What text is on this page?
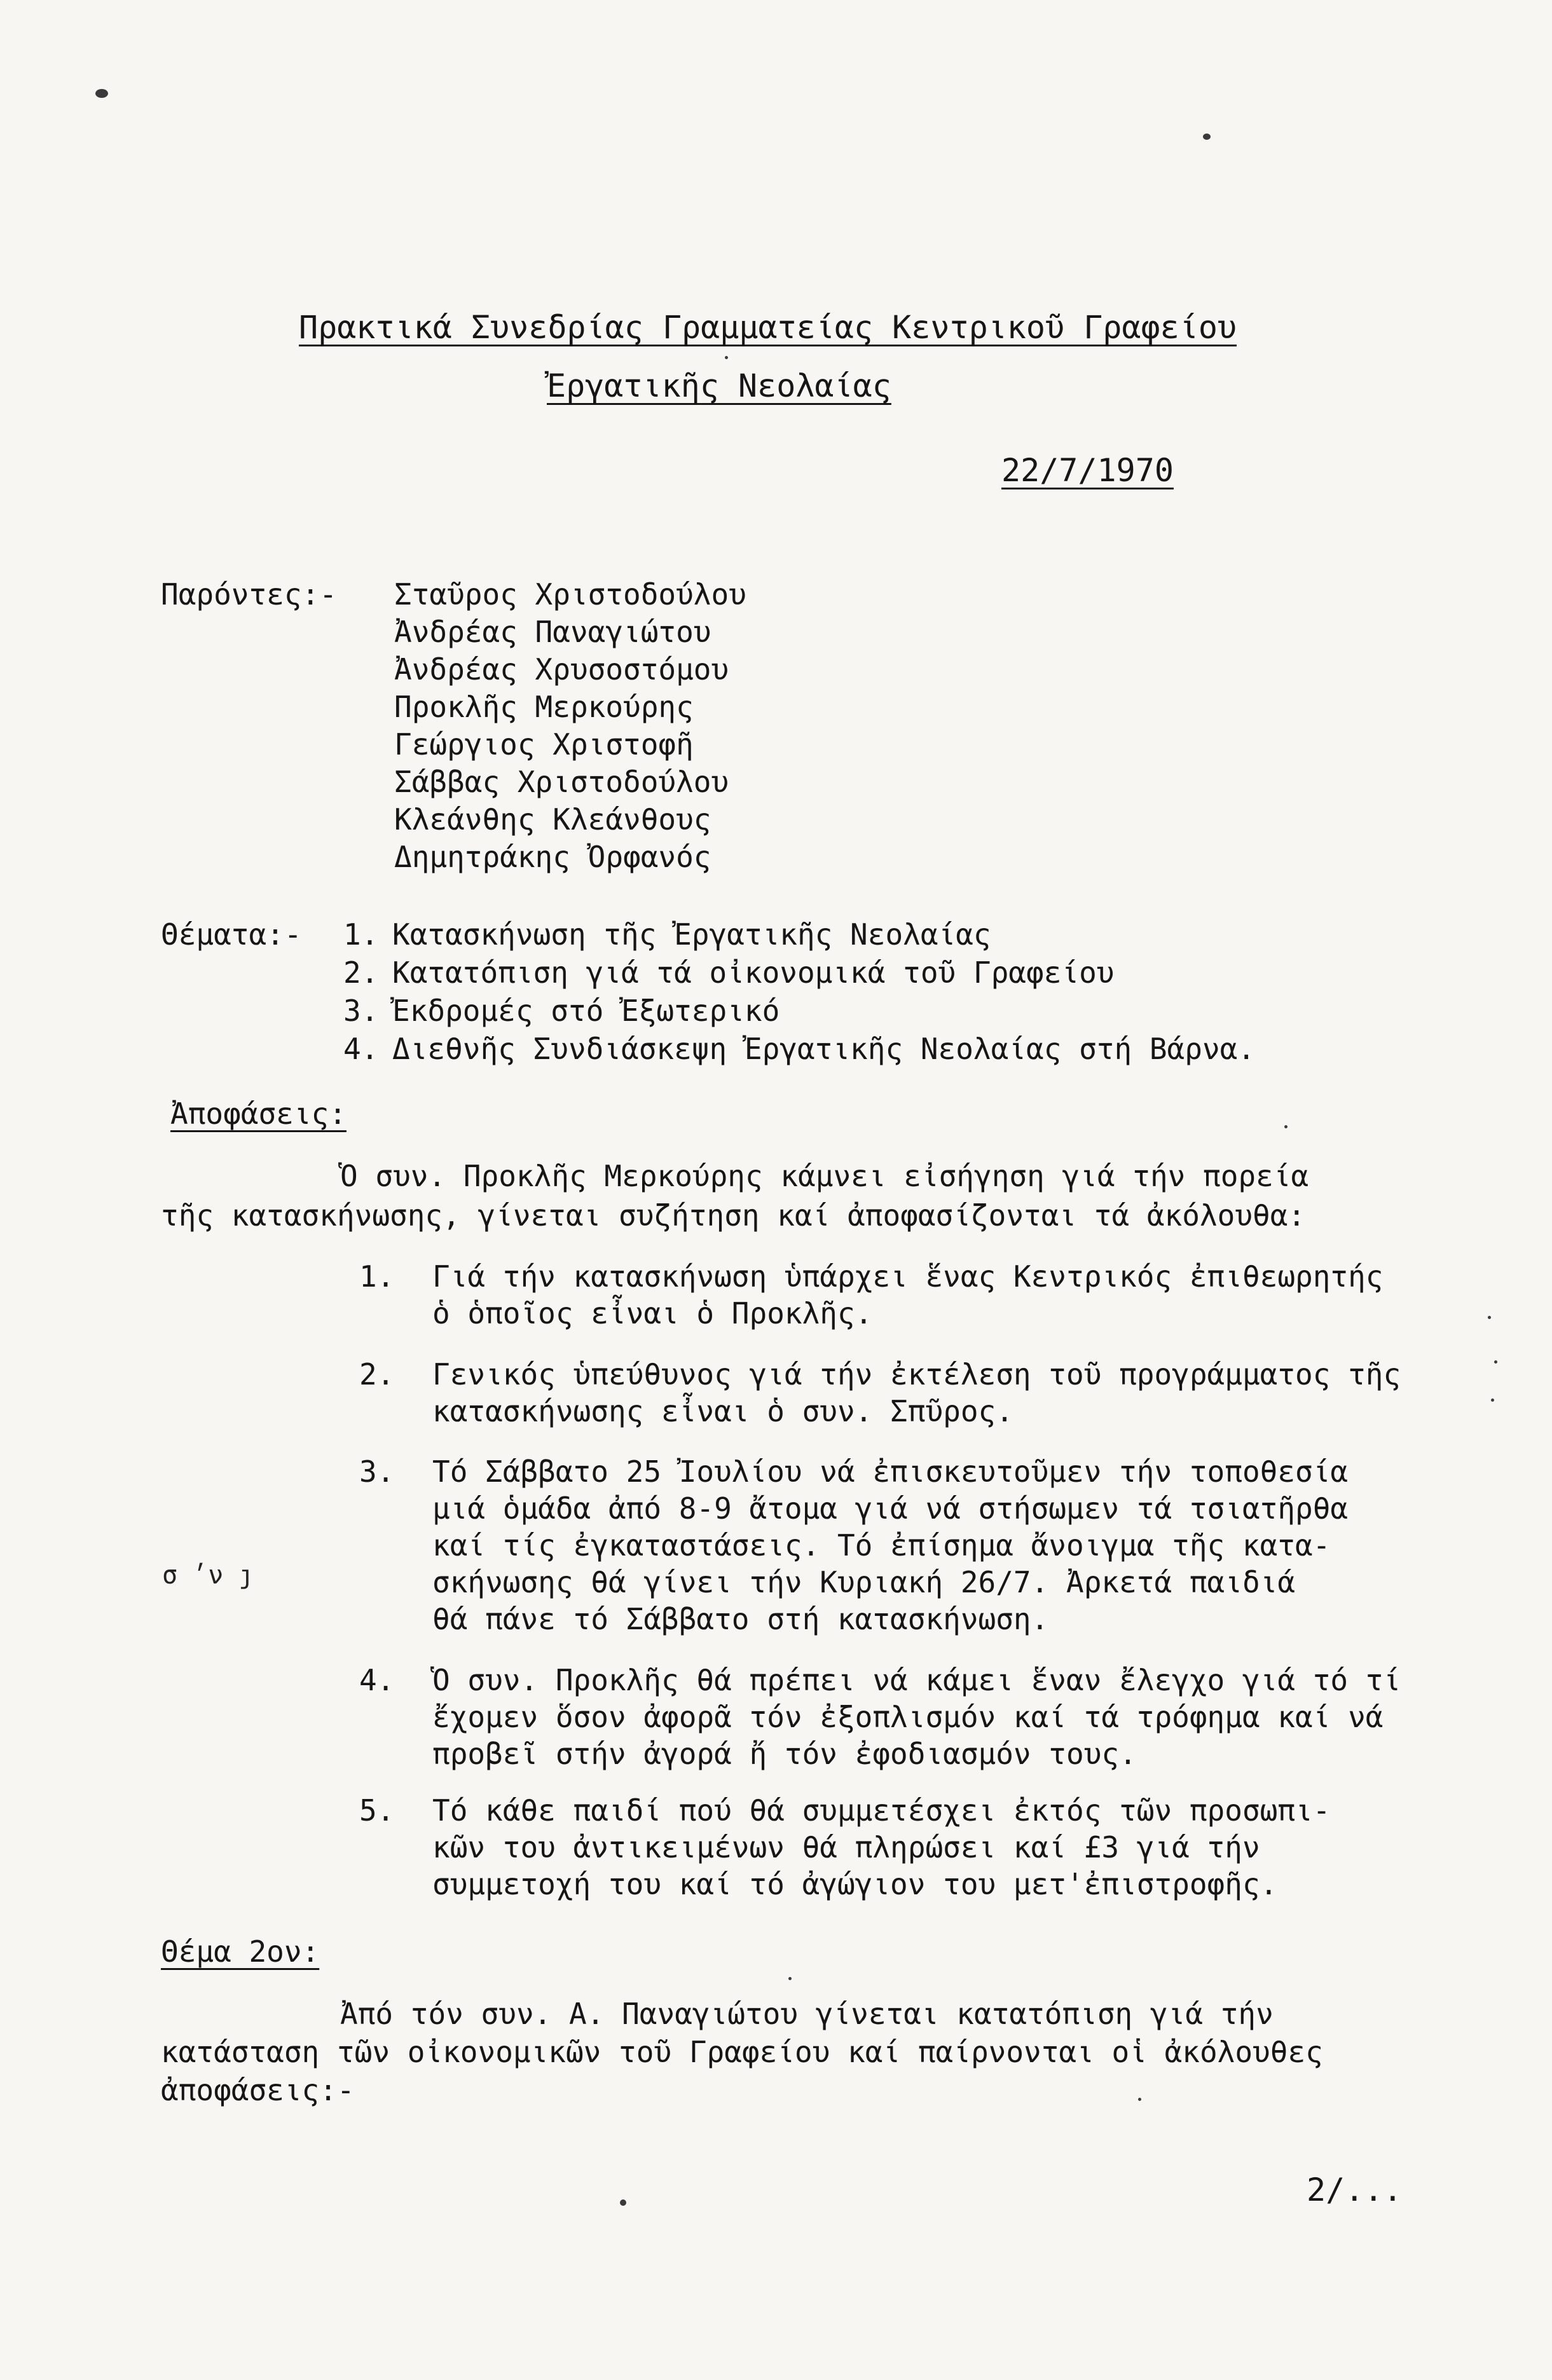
Πρακτικά Συνεδρίας Γραμματείας Κεντρικοῦ Γραφείου
Ἐργατικῆς Νεολαίας
22/7/1970
Παρόντες:- Σταῦρος Χριστοδούλου
Ἀνδρέας Παναγιώτου
Ἀνδρέας Χρυσοστόμου
Προκλῆς Μερκούρης
Γεώργιος Χριστοφῆ
Σάββας Χριστοδούλου
Κλεάνθης Κλεάνθους
Δημητράκης Ὀρφανός
Θέματα:- 1. Κατασκήνωση τῆς Ἐργατικῆς Νεολαίας
2. Κατατόπιση γιά τά οἰκονομικά τοῦ Γραφείου
3. Ἐκδρομές στό Ἐξωτερικό
4. Διεθνῆς Συνδιάσκεψη Ἐργατικῆς Νεολαίας στή Βάρνα.
Ἀποφάσεις:
Ὁ συν. Προκλῆς Μερκούρης κάμνει εἰσήγηση γιά τήν πορεία
τῆς κατασκήνωσης, γίνεται συζήτηση καί ἀποφασίζονται τά ἀκόλουθα:
1. Γιά τήν κατασκήνωση ὑπάρχει ἕνας Κεντρικός ἐπιθεωρητής
ὁ ὁποῖος εἶναι ὁ Προκλῆς.
2. Γενικός ὑπεύθυνος γιά τήν ἐκτέλεση τοῦ προγράμματος τῆς
κατασκήνωσης εἶναι ὁ συν. Σπῦρος.
3. Τό Σάββατο 25 Ἰουλίου νά ἐπισκευτοῦμεν τήν τοποθεσία
μιά ὁμάδα ἀπό 8-9 ἄτομα γιά νά στήσωμεν τά τσιατῆρθα
καί τίς ἐγκαταστάσεις. Τό ἐπίσημα ἄνοιγμα τῆς κατα-
σκήνωσης θά γίνει τήν Κυριακή 26/7. Ἀρκετά παιδιά
θά πάνε τό Σάββατο στή κατασκήνωση.
σ ׳ν ȷ
4. Ὁ συν. Προκλῆς θά πρέπει νά κάμει ἕναν ἔλεγχο γιά τό τί
ἔχομεν ὅσον ἀφορᾶ τόν ἐξοπλισμόν καί τά τρόφημα καί νά
προβεῖ στήν ἀγορά ἤ τόν ἐφοδιασμόν τους.
5. Τό κάθε παιδί πού θά συμμετέσχει ἐκτός τῶν προσωπι-
κῶν του ἀντικειμένων θά πληρώσει καί £3 γιά τήν
συμμετοχή του καί τό ἀγώγιον του μετ'ἐπιστροφῆς.
Θέμα 2ον:
Ἀπό τόν συν. Α. Παναγιώτου γίνεται κατατόπιση γιά τήν
κατάσταση τῶν οἰκονομικῶν τοῦ Γραφείου καί παίρνονται οἱ ἀκόλουθες
ἀποφάσεις:-
2/...
